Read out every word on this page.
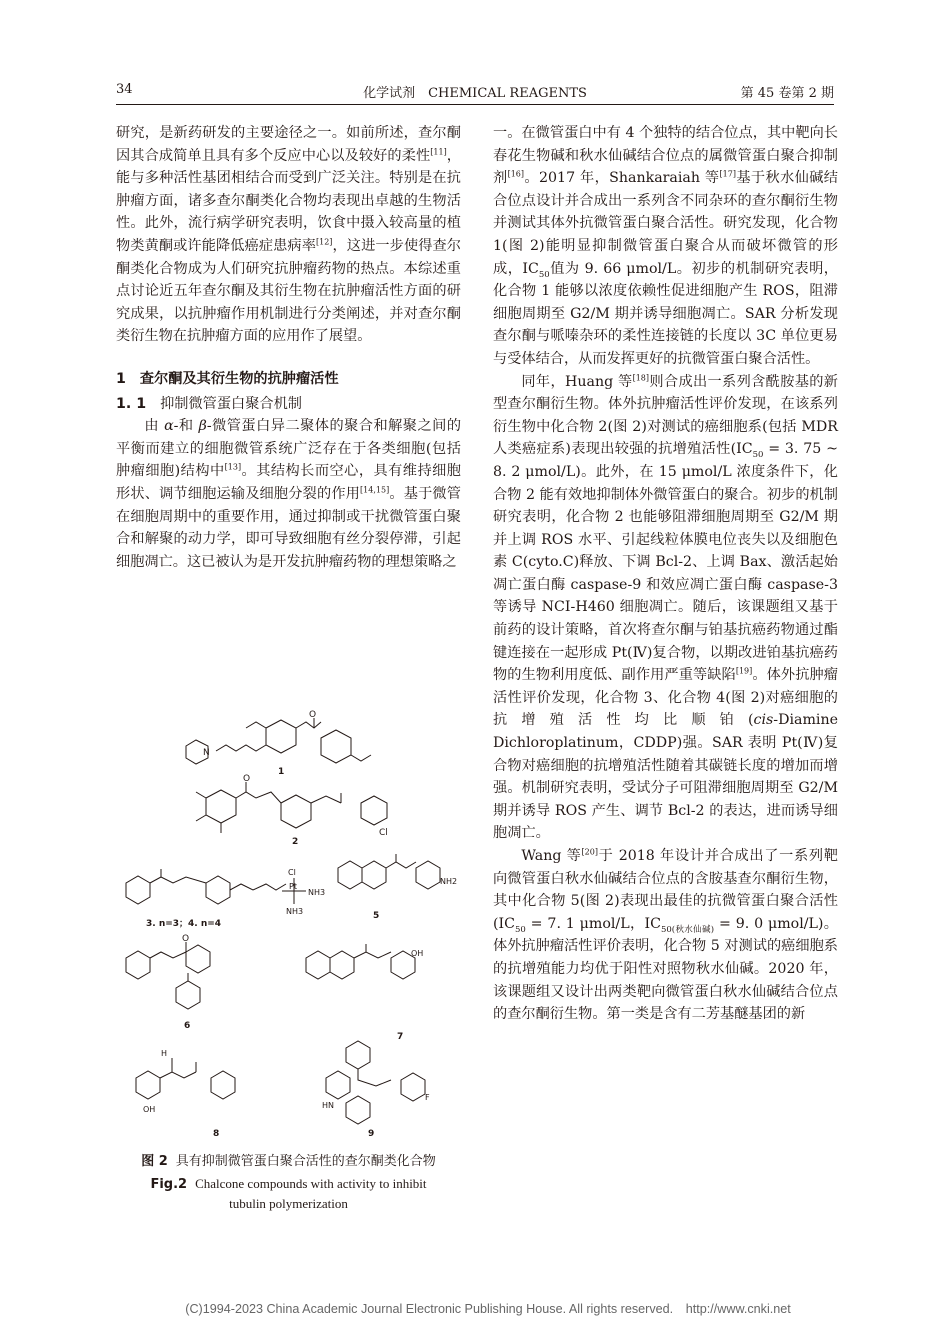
34	化学试剂　CHEMICAL REAGENTS	第 45 卷第 2 期

研究，是新药研发的主要途径之一。如前所述，查尔酮因其合成简单且具有多个反应中心以及较好的柔性[11]，能与多种活性基团相结合而受到广泛关注。特别是在抗肿瘤方面，诸多查尔酮类化合物均表现出卓越的生物活性。此外，流行病学研究表明，饮食中摄入较高量的植物类黄酮或许能降低癌症患病率[12]，这进一步使得查尔酮类化合物成为人们研究抗肿瘤药物的热点。本综述重点讨论近五年查尔酮及其衍生物在抗肿瘤活性方面的研究成果，以抗肿瘤作用机制进行分类阐述，并对查尔酮类衍生物在抗肿瘤方面的应用作了展望。

1 查尔酮及其衍生物的抗肿瘤活性
1. 1 抑制微管蛋白聚合机制

由 α-和 β-微管蛋白异二聚体的聚合和解聚之间的平衡而建立的细胞微管系统广泛存在于各类细胞(包括肿瘤细胞)结构中[13]。其结构长而空心，具有维持细胞形状、调节细胞运输及细胞分裂的作用[14,15]。基于微管在细胞周期中的重要作用，通过抑制或干扰微管蛋白聚合和解聚的动力学，即可导致细胞有丝分裂停滞，引起细胞凋亡。这已被认为是开发抗肿瘤药物的理想策略之

O
1
N
O
Cl
2
Pt
NH3
NH3
Cl
3. n=3；4. n=4
NH2
5
O
6
OH
7
H
OH
8
F
HN
9
图 2 具有抑制微管蛋白聚合活性的查尔酮类化合物
Fig.2 Chalcone compounds with activity to inhibit
tubulin polymerization

一。在微管蛋白中有 4 个独特的结合位点，其中靶向长春花生物碱和秋水仙碱结合位点的属微管蛋白聚合抑制剂[16]。2017 年，Shankaraiah 等[17]基于秋水仙碱结合位点设计并合成出一系列含不同杂环的查尔酮衍生物并测试其体外抗微管蛋白聚合活性。研究发现，化合物 1(图 2)能明显抑制微管蛋白聚合从而破坏微管的形成，$IC_{50}$值为 9. 66 μmol/L。初步的机制研究表明，化合物 1 能够以浓度依赖性促进细胞产生 ROS，阻滞细胞周期至 G2/M 期并诱导细胞凋亡。SAR 分析发现查尔酮与哌嗪杂环的柔性连接链的长度以 3C 单位更易与受体结合，从而发挥更好的抗微管蛋白聚合活性。

同年，Huang 等[18]则合成出一系列含酰胺基的新型查尔酮衍生物。体外抗肿瘤活性评价发现，在该系列衍生物中化合物 2(图 2)对测试的癌细胞系(包括 MDR 人类癌症系)表现出较强的抗增殖活性($IC_{50} = 3$. 75 ~ 8. 2 μmol/L)。此外，在 15 μmol/L 浓度条件下，化合物 2 能有效地抑制体外微管蛋白的聚合。初步的机制研究表明，化合物 2 也能够阻滞细胞周期至 G2/M 期并上调 ROS 水平、引起线粒体膜电位丧失以及细胞色素 C(cyto.C)释放、下调 Bcl-2、上调 Bax、激活起始凋亡蛋白酶 caspase-9 和效应凋亡蛋白酶 caspase-3 等诱导 NCI-H460 细胞凋亡。随后，该课题组又基于前药的设计策略，首次将查尔酮与铂基抗癌药物通过酯键连接在一起形成 Pt(Ⅳ)复合物，以期改进铂基抗癌药物的生物利用度低、副作用严重等缺陷[19]。体外抗肿瘤活性评价发现，化合物 3、化合物 4(图 2)对癌细胞的抗增殖活性均比顺铂(cis-Diamine Dichloroplatinum，CDDP)强。SAR 表明 Pt(Ⅳ)复合物对癌细胞的抗增殖活性随着其碳链长度的增加而增强。机制研究表明，受试分子可阻滞细胞周期至 G2/M 期并诱导 ROS 产生、调节 Bcl-2 的表达，进而诱导细胞凋亡。

Wang 等[20]于 2018 年设计并合成出了一系列靶向微管蛋白秋水仙碱结合位点的含胺基查尔酮衍生物，其中化合物 5(图 2)表现出最佳的抗微管蛋白聚合活性($IC_{50} = 7$. 1 μmol/L，$IC_{50(秋水仙碱)} = 9$. 0 μmol/L)。体外抗肿瘤活性评价表明，化合物 5 对测试的癌细胞系的抗增殖能力均优于阳性对照物秋水仙碱。2020 年，该课题组又设计出两类靶向微管蛋白秋水仙碱结合位点的查尔酮衍生物。第一类是含有二芳基醚基团的新

(C)1994-2023 China Academic Journal Electronic Publishing House. All rights reserved.　http://www.cnki.net
